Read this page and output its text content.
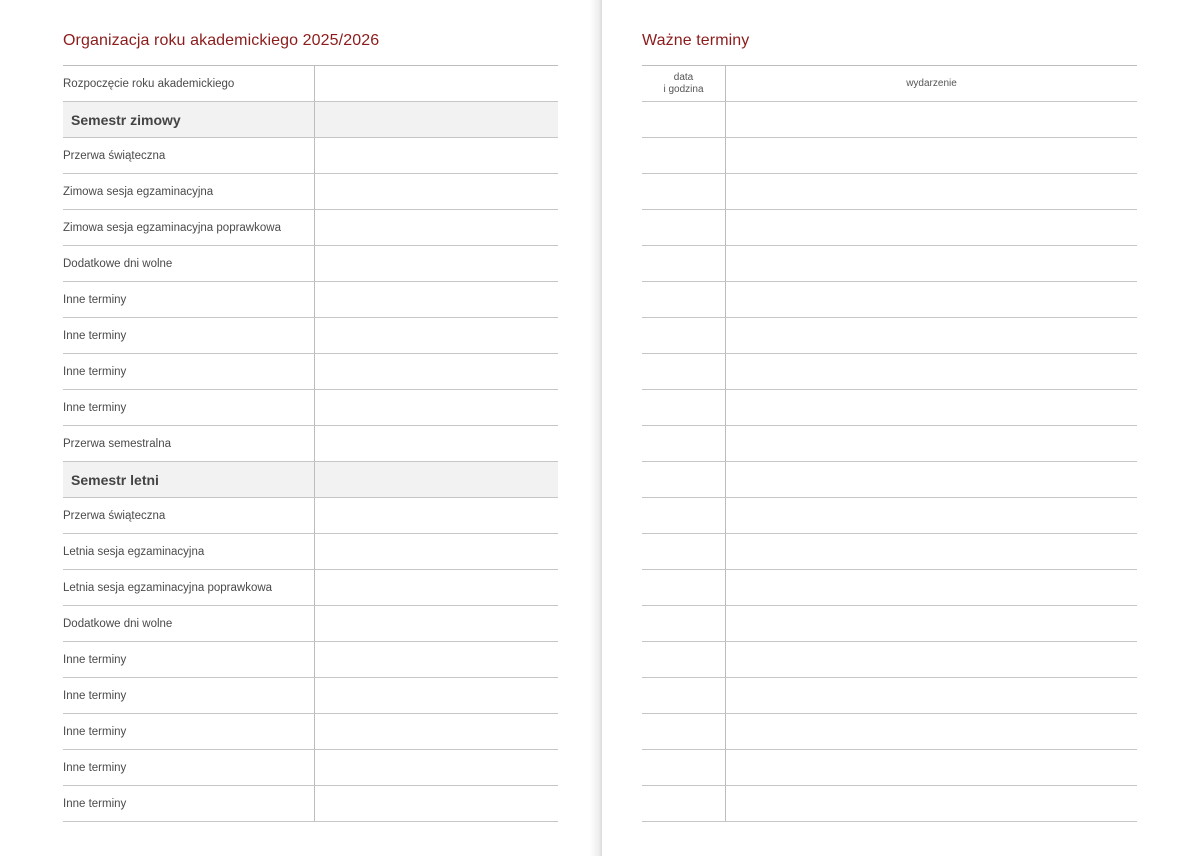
Organizacja roku akademickiego 2025/2026
Rozpoczęcie roku akademickiego
Semestr zimowy
Przerwa świąteczna
Zimowa sesja egzaminacyjna
Zimowa sesja egzaminacyjna poprawkowa
Dodatkowe dni wolne
Inne terminy
Inne terminy
Inne terminy
Inne terminy
Przerwa semestralna
Semestr letni
Przerwa świąteczna
Letnia sesja egzaminacyjna
Letnia sesja egzaminacyjna poprawkowa
Dodatkowe dni wolne
Inne terminy
Inne terminy
Inne terminy
Inne terminy
Inne terminy
Ważne terminy
data
i godzina	wydarzenie
